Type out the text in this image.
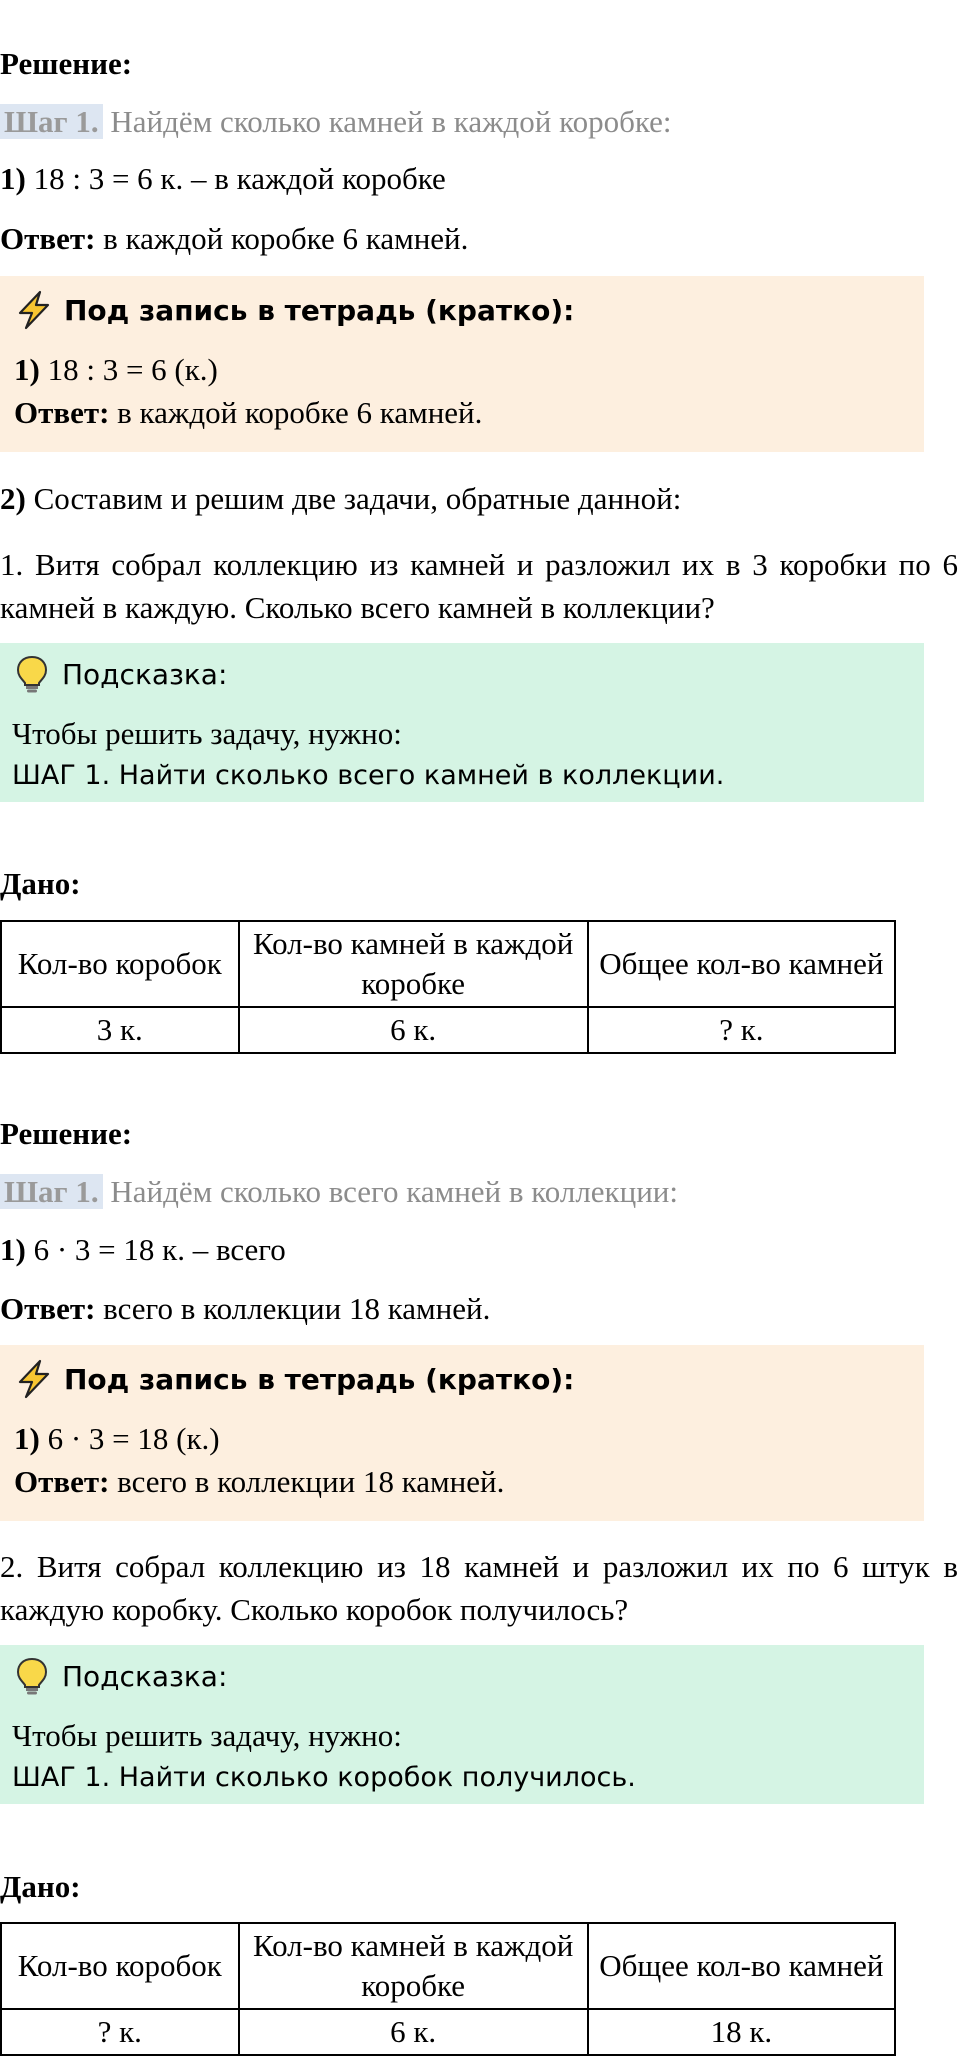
Решение:
Шаг 1. Найдём сколько камней в каждой коробке:
1) 18 : 3 = 6 к. – в каждой коробке
Ответ: в каждой коробке 6 камней.
Под запись в тетрадь (кратко):
1) 18 : 3 = 6 (к.)
Ответ: в каждой коробке 6 камней.
2) Составим и решим две задачи, обратные данной:
1. Витя собрал коллекцию из камней и разложил их в 3 коробки по 6 камней в каждую. Сколько всего камней в коллекции?
Подсказка:
Чтобы решить задачу, нужно:
ШАГ 1. Найти сколько всего камней в коллекции.
Дано:
Кол-во коробок	Кол-во камней в каждой коробке	Общее кол-во камней
3 к.	6 к.	? к.
Решение:
Шаг 1. Найдём сколько всего камней в коллекции:
1) 6 · 3 = 18 к. – всего
Ответ: всего в коллекции 18 камней.
Под запись в тетрадь (кратко):
1) 6 · 3 = 18 (к.)
Ответ: всего в коллекции 18 камней.
2. Витя собрал коллекцию из 18 камней и разложил их по 6 штук в каждую коробку. Сколько коробок получилось?
Подсказка:
Чтобы решить задачу, нужно:
ШАГ 1. Найти сколько коробок получилось.
Дано:
Кол-во коробок	Кол-во камней в каждой коробке	Общее кол-во камней
? к.	6 к.	18 к.
